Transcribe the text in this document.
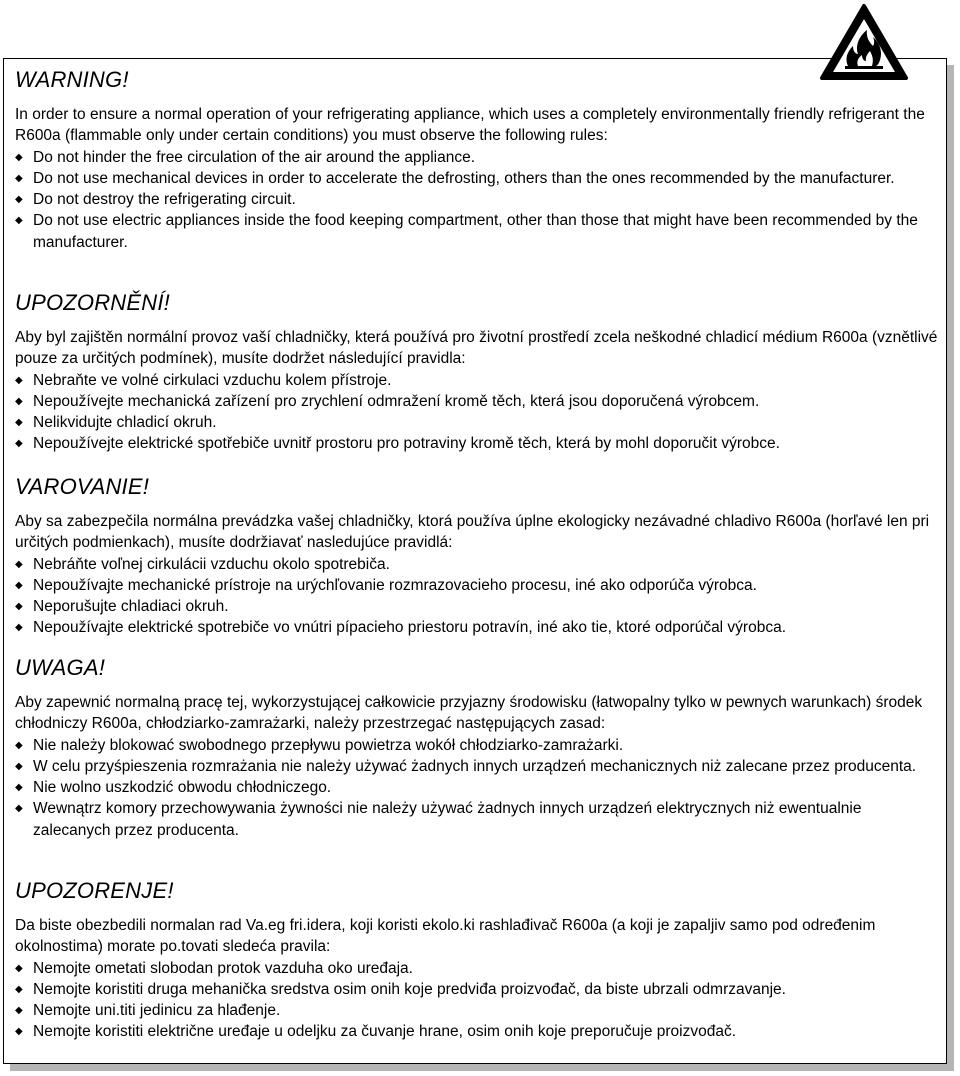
WARNING!

In order to ensure a normal operation of your refrigerating appliance, which uses a completely environmentally friendly refrigerant the R600a (flammable only under certain conditions) you must observe the following rules:

◆ Do not hinder the free circulation of the air around the appliance.
◆ Do not use mechanical devices in order to accelerate the defrosting, others than the ones recommended by the manufacturer.
◆ Do not destroy the refrigerating circuit.
◆ Do not use electric appliances inside the food keeping compartment, other than those that might have been recommended by the manufacturer.
UPOZORNĚNÍ!

Aby byl zajištěn normální provoz vaší chladničky, která používá pro životní prostředí zcela neškodné chladicí médium R600a (vznětlivé pouze za určitých podmínek), musíte dodržet následující pravidla:

◆ Nebraňte ve volné cirkulaci vzduchu kolem přístroje.
◆ Nepoužívejte mechanická zařízení pro zrychlení odmražení kromě těch, která jsou doporučená výrobcem.
◆ Nelikvidujte chladicí okruh.
◆ Nepoužívejte elektrické spotřebiče uvnitř prostoru pro potraviny kromě těch, která by mohl doporučit výrobce.
VAROVANIE!

Aby sa zabezpečila normálna prevádzka vašej chladničky, ktorá používa úplne ekologicky nezávadné chladivo R600a (horľavé len pri určitých podmienkach), musíte dodržiavať nasledujúce pravidlá:

◆ Nebráňte voľnej cirkulácii vzduchu okolo spotrebiča.
◆ Nepoužívajte mechanické prístroje na urýchľovanie rozmrazovacieho procesu, iné ako odporúča výrobca.
◆ Neporušujte chladiaci okruh.
◆ Nepoužívajte elektrické spotrebiče vo vnútri pípacieho priestoru potravín, iné ako tie, ktoré odporúčal výrobca.
UWAGA!

Aby zapewnić normalną pracę tej, wykorzystującej całkowicie przyjazny środowisku (łatwopalny tylko w pewnych warunkach) środek chłodniczy R600a, chłodziarko-zamrażarki, należy przestrzegać następujących zasad:

◆ Nie należy blokować swobodnego przepływu powietrza wokół chłodziarko-zamrażarki.
◆ W celu przyśpieszenia rozmrażania nie należy używać żadnych innych urządzeń mechanicznych niż zalecane przez producenta.
◆ Nie wolno uszkodzić obwodu chłodniczego.
◆ Wewnątrz komory przechowywania żywności nie należy używać żadnych innych urządzeń elektrycznych niż ewentualnie zalecanych przez producenta.
UPOZORENJE!

Da biste obezbedili normalan rad Va.eg fri.idera, koji koristi ekolo.ki rashlađivač R600a (a koji je zapaljiv samo pod određenim okolnostima) morate po.tovati sledeća pravila:

◆ Nemojte ometati slobodan protok vazduha oko uređaja.
◆ Nemojte koristiti druga mehanička sredstva osim onih koje predviđa proizvođač, da biste ubrzali odmrzavanje.
◆ Nemojte uni.titi jedinicu za hlađenje.
◆ Nemojte koristiti električne uređaje u odeljku za čuvanje hrane, osim onih koje preporučuje proizvođač.
